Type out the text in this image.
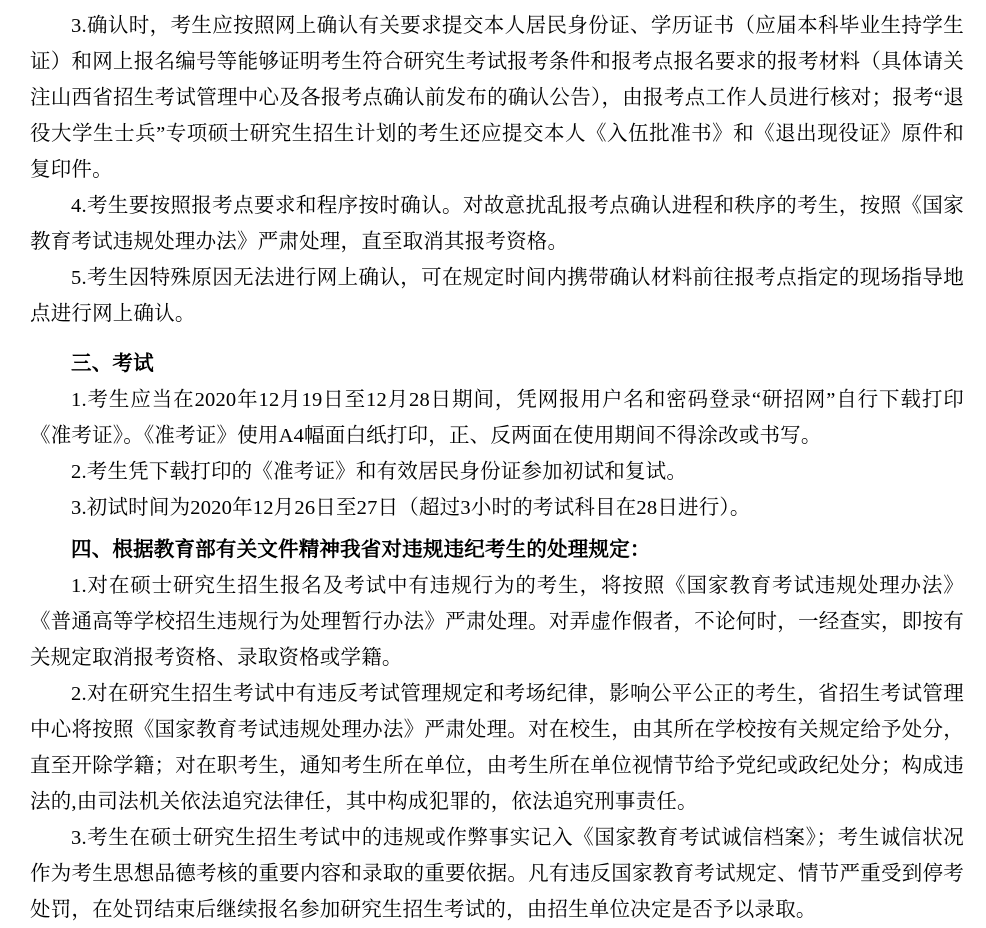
3.确认时，考生应按照网上确认有关要求提交本人居民身份证、学历证书（应届本科毕业生持学生证）和网上报名编号等能够证明考生符合研究生考试报考条件和报考点报名要求的报考材料（具体请关注山西省招生考试管理中心及各报考点确认前发布的确认公告），由报考点工作人员进行核对；报考“退役大学生士兵”专项硕士研究生招生计划的考生还应提交本人《入伍批准书》和《退出现役证》原件和复印件。

4.考生要按照报考点要求和程序按时确认。对故意扰乱报考点确认进程和秩序的考生，按照《国家教育考试违规处理办法》严肃处理，直至取消其报考资格。

5.考生因特殊原因无法进行网上确认，可在规定时间内携带确认材料前往报考点指定的现场指导地点进行网上确认。

三、考试

1.考生应当在2020年12月19日至12月28日期间，凭网报用户名和密码登录“研招网”自行下载打印《准考证》。《准考证》使用A4幅面白纸打印，正、反两面在使用期间不得涂改或书写。

2.考生凭下载打印的《准考证》和有效居民身份证参加初试和复试。

3.初试时间为2020年12月26日至27日（超过3小时的考试科目在28日进行）。

四、根据教育部有关文件精神我省对违规违纪考生的处理规定：

1.对在硕士研究生招生报名及考试中有违规行为的考生，将按照《国家教育考试违规处理办法》《普通高等学校招生违规行为处理暂行办法》严肃处理。对弄虚作假者，不论何时，一经查实，即按有关规定取消报考资格、录取资格或学籍。

2.对在研究生招生考试中有违反考试管理规定和考场纪律，影响公平公正的考生，省招生考试管理中心将按照《国家教育考试违规处理办法》严肃处理。对在校生，由其所在学校按有关规定给予处分，直至开除学籍；对在职考生，通知考生所在单位，由考生所在单位视情节给予党纪或政纪处分；构成违法的,由司法机关依法追究法律任，其中构成犯罪的，依法追究刑事责任。

3.考生在硕士研究生招生考试中的违规或作弊事实记入《国家教育考试诚信档案》；考生诚信状况作为考生思想品德考核的重要内容和录取的重要依据。凡有违反国家教育考试规定、情节严重受到停考处罚，在处罚结束后继续报名参加研究生招生考试的，由招生单位决定是否予以录取。
